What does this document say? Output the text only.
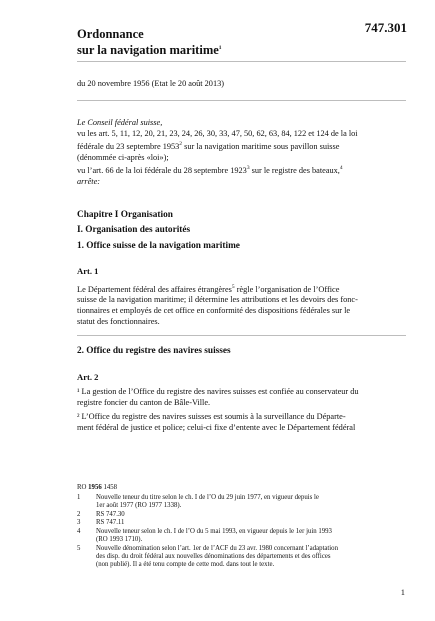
747.301
Ordonnance
sur la navigation maritime$^1$
du 20 novembre 1956 (Etat le 20 août 2013)
Le Conseil fédéral suisse,
vu les art. 5, 11, 12, 20, 21, 23, 24, 26, 30, 33, 47, 50, 62, 63, 84, 122 et 124 de la loi
fédérale du 23 septembre 1953$^2$ sur la navigation maritime sous pavillon suisse
(dénommée ci-après «loi»);
vu l’art. 66 de la loi fédérale du 28 septembre 1923$^3$ sur le registre des bateaux,$^4$
arrête:
Chapitre I Organisation
I. Organisation des autorités
1. Office suisse de la navigation maritime
Art. 1
Le Département fédéral des affaires étrangères$^5$ règle l’organisation de l’Office
suisse de la navigation maritime; il détermine les attributions et les devoirs des fonc-
tionnaires et employés de cet office en conformité des dispositions fédérales sur le
statut des fonctionnaires.
2. Office du registre des navires suisses
Art. 2
¹ La gestion de l’Office du registre des navires suisses est confiée au conservateur du
registre foncier du canton de Bâle-Ville.
² L’Office du registre des navires suisses est soumis à la surveillance du Départe-
ment fédéral de justice et police; celui-ci fixe d’entente avec le Département fédéral
RO 1956 1458
1 Nouvelle teneur du titre selon le ch. I de l’O du 29 juin 1977, en vigueur depuis le
1er août 1977 (RO 1977 1338).
2 RS 747.30
3 RS 747.11
4 Nouvelle teneur selon le ch. I de l’O du 5 mai 1993, en vigueur depuis le 1er juin 1993
(RO 1993 1710).
5 Nouvelle dénomination selon l’art. 1er de l’ACF du 23 avr. 1980 concernant l’adaptation
des disp. du droit fédéral aux nouvelles dénominations des départements et des offices
(non publié). Il a été tenu compte de cette mod. dans tout le texte.
1
